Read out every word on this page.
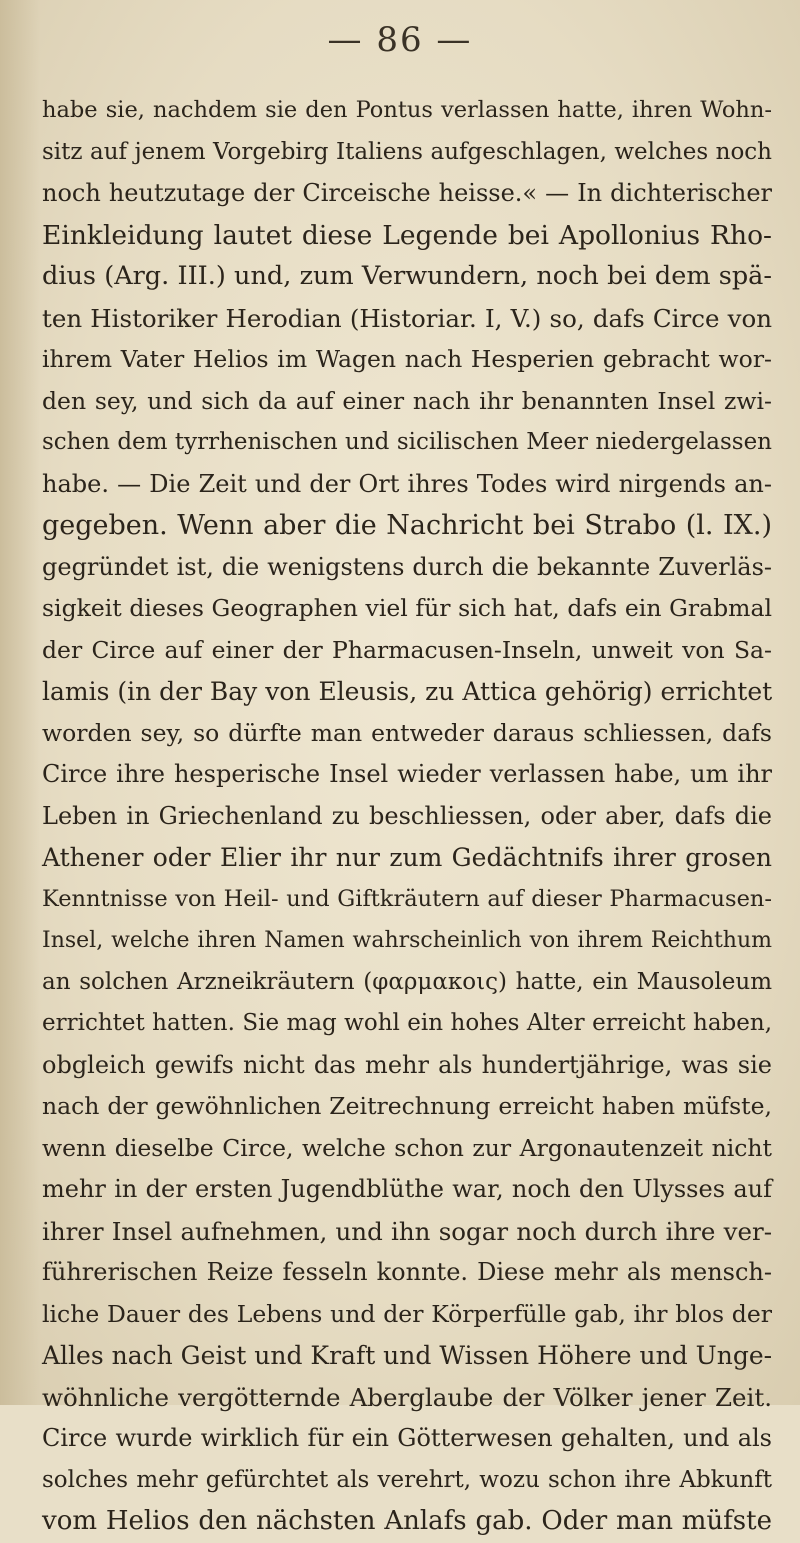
— 86 —
habe sie, nachdem sie den Pontus verlassen hatte, ihren Wohn-
sitz auf jenem Vorgebirg Italiens aufgeschlagen, welches noch
noch heutzutage der Circeische heisse.« — In dichterischer
Einkleidung lautet diese Legende bei Apollonius Rho-
dius (Arg. III.) und, zum Verwundern, noch bei dem spä-
ten Historiker Herodian (Historiar. I, V.) so, dafs Circe von
ihrem Vater Helios im Wagen nach Hesperien gebracht wor-
den sey, und sich da auf einer nach ihr benannten Insel zwi-
schen dem tyrrhenischen und sicilischen Meer niedergelassen
habe. — Die Zeit und der Ort ihres Todes wird nirgends an-
gegeben. Wenn aber die Nachricht bei Strabo (l. IX.)
gegründet ist, die wenigstens durch die bekannte Zuverläs-
sigkeit dieses Geographen viel für sich hat, dafs ein Grabmal
der Circe auf einer der Pharmacusen-Inseln, unweit von Sa-
lamis (in der Bay von Eleusis, zu Attica gehörig) errichtet
worden sey, so dürfte man entweder daraus schliessen, dafs
Circe ihre hesperische Insel wieder verlassen habe, um ihr
Leben in Griechenland zu beschliessen, oder aber, dafs die
Athener oder Elier ihr nur zum Gedächtnifs ihrer grosen
Kenntnisse von Heil- und Giftkräutern auf dieser Pharmacusen-
Insel, welche ihren Namen wahrscheinlich von ihrem Reichthum
an solchen Arzneikräutern (φαρμακοις) hatte, ein Mausoleum
errichtet hatten. Sie mag wohl ein hohes Alter erreicht haben,
obgleich gewifs nicht das mehr als hundertjährige, was sie
nach der gewöhnlichen Zeitrechnung erreicht haben müfste,
wenn dieselbe Circe, welche schon zur Argonautenzeit nicht
mehr in der ersten Jugendblüthe war, noch den Ulysses auf
ihrer Insel aufnehmen, und ihn sogar noch durch ihre ver-
führerischen Reize fesseln konnte. Diese mehr als mensch-
liche Dauer des Lebens und der Körperfülle gab, ihr blos der
Alles nach Geist und Kraft und Wissen Höhere und Unge-
wöhnliche vergötternde Aberglaube der Völker jener Zeit.
Circe wurde wirklich für ein Götterwesen gehalten, und als
solches mehr gefürchtet als verehrt, wozu schon ihre Abkunft
vom Helios den nächsten Anlafs gab. Oder man müfste
